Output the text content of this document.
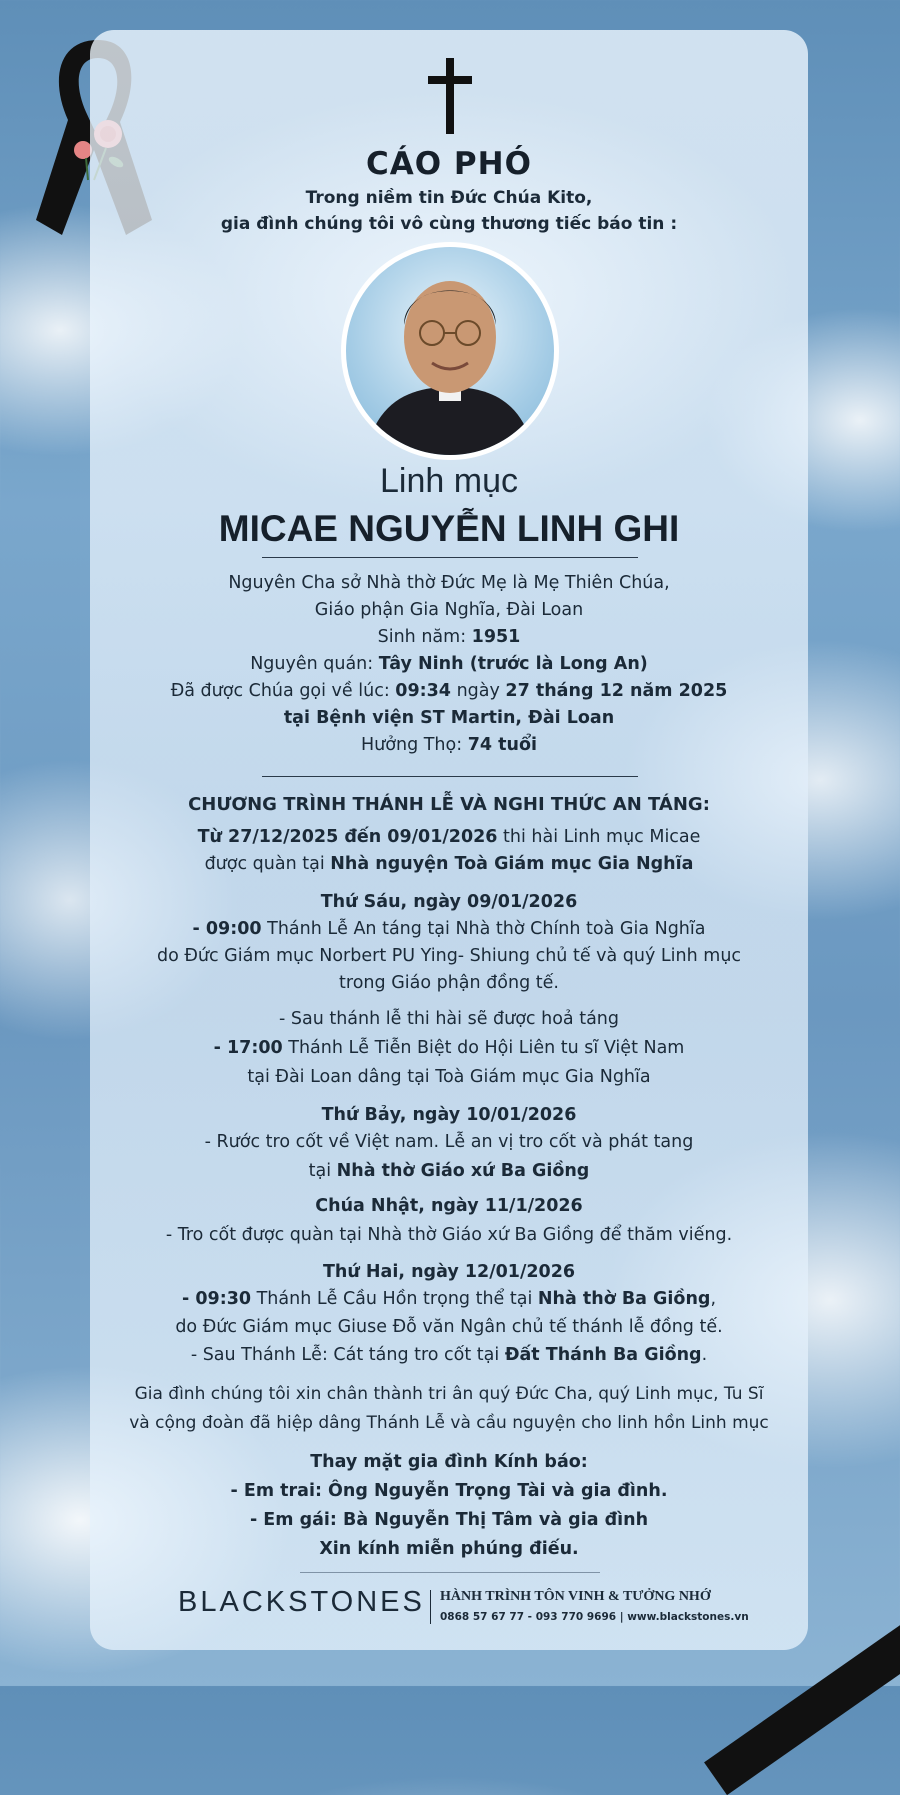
CÁO PHÓ
Trong niềm tin Đức Chúa Kito,
gia đình chúng tôi vô cùng thương tiếc báo tin :
Linh mục
MICAE NGUYỄN LINH GHI
Nguyên Cha sở Nhà thờ Đức Mẹ là Mẹ Thiên Chúa,
Giáo phận Gia Nghĩa, Đài Loan
Sinh năm: 1951
Nguyên quán: Tây Ninh (trước là Long An)
Đã được Chúa gọi về lúc: 09:34 ngày 27 tháng 12 năm 2025
tại Bệnh viện ST Martin, Đài Loan
Hưởng Thọ: 74 tuổi
CHƯƠNG TRÌNH THÁNH LỄ VÀ NGHI THỨC AN TÁNG:
Từ 27/12/2025 đến 09/01/2026 thi hài Linh mục Micae
được quàn tại Nhà nguyện Toà Giám mục Gia Nghĩa
Thứ Sáu, ngày 09/01/2026
- 09:00 Thánh Lễ An táng tại Nhà thờ Chính toà Gia Nghĩa
do Đức Giám mục Norbert PU Ying- Shiung chủ tế và quý Linh mục
trong Giáo phận đồng tế.
- Sau thánh lễ thi hài sẽ được hoả táng
- 17:00 Thánh Lễ Tiễn Biệt do Hội Liên tu sĩ Việt Nam
tại Đài Loan dâng tại Toà Giám mục Gia Nghĩa
Thứ Bảy, ngày 10/01/2026
- Rước tro cốt về Việt nam. Lễ an vị tro cốt và phát tang
tại Nhà thờ Giáo xứ Ba Giồng
Chúa Nhật, ngày 11/1/2026
- Tro cốt được quàn tại Nhà thờ Giáo xứ Ba Giồng để thăm viếng.
Thứ Hai, ngày 12/01/2026
- 09:30 Thánh Lễ Cầu Hồn trọng thể tại Nhà thờ Ba Giồng,
do Đức Giám mục Giuse Đỗ văn Ngân chủ tế thánh lễ đồng tế.
- Sau Thánh Lễ: Cát táng tro cốt tại Đất Thánh Ba Giồng.
Gia đình chúng tôi xin chân thành tri ân quý Đức Cha, quý Linh mục, Tu Sĩ
và cộng đoàn đã hiệp dâng Thánh Lễ và cầu nguyện cho linh hồn Linh mục
Thay mặt gia đình Kính báo:
- Em trai: Ông Nguyễn Trọng Tài và gia đình.
- Em gái: Bà Nguyễn Thị Tâm và gia đình
Xin kính miễn phúng điếu.
BLACKSTONES HÀNH TRÌNH TÔN VINH & TƯỞNG NHỚ
0868 57 67 77 - 093 770 9696 | www.blackstones.vn
